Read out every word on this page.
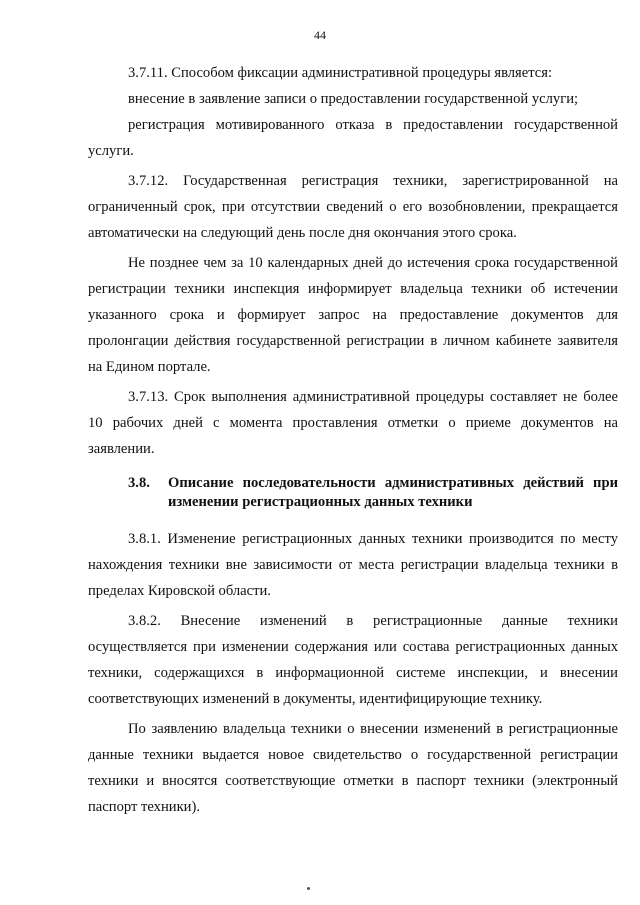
44

3.7.11. Способом фиксации административной процедуры является:

внесение в заявление записи о предоставлении государственной услуги;

регистрация мотивированного отказа в предоставлении государственной услуги.

3.7.12. Государственная регистрация техники, зарегистрированной на ограниченный срок, при отсутствии сведений о его возобновлении, прекращается автоматически на следующий день после дня окончания этого срока.

Не позднее чем за 10 календарных дней до истечения срока государственной регистрации техники инспекция информирует владельца техники об истечении указанного срока и формирует запрос на предоставление документов для пролонгации действия государственной регистрации в личном кабинете заявителя на Едином портале.

3.7.13. Срок выполнения административной процедуры составляет не более 10 рабочих дней с момента проставления отметки о приеме документов на заявлении.

3.8.	Описание последовательности административных действий при изменении регистрационных данных техники

3.8.1. Изменение регистрационных данных техники производится по месту нахождения техники вне зависимости от места регистрации владельца техники в пределах Кировской области.

3.8.2. Внесение изменений в регистрационные данные техники осуществляется при изменении содержания или состава регистрационных данных техники, содержащихся в информационной системе инспекции, и внесении соответствующих изменений в документы, идентифицирующие технику.

По заявлению владельца техники о внесении изменений в регистрационные данные техники выдается новое свидетельство о государственной регистрации техники и вносятся соответствующие отметки в паспорт техники (электронный паспорт техники).
